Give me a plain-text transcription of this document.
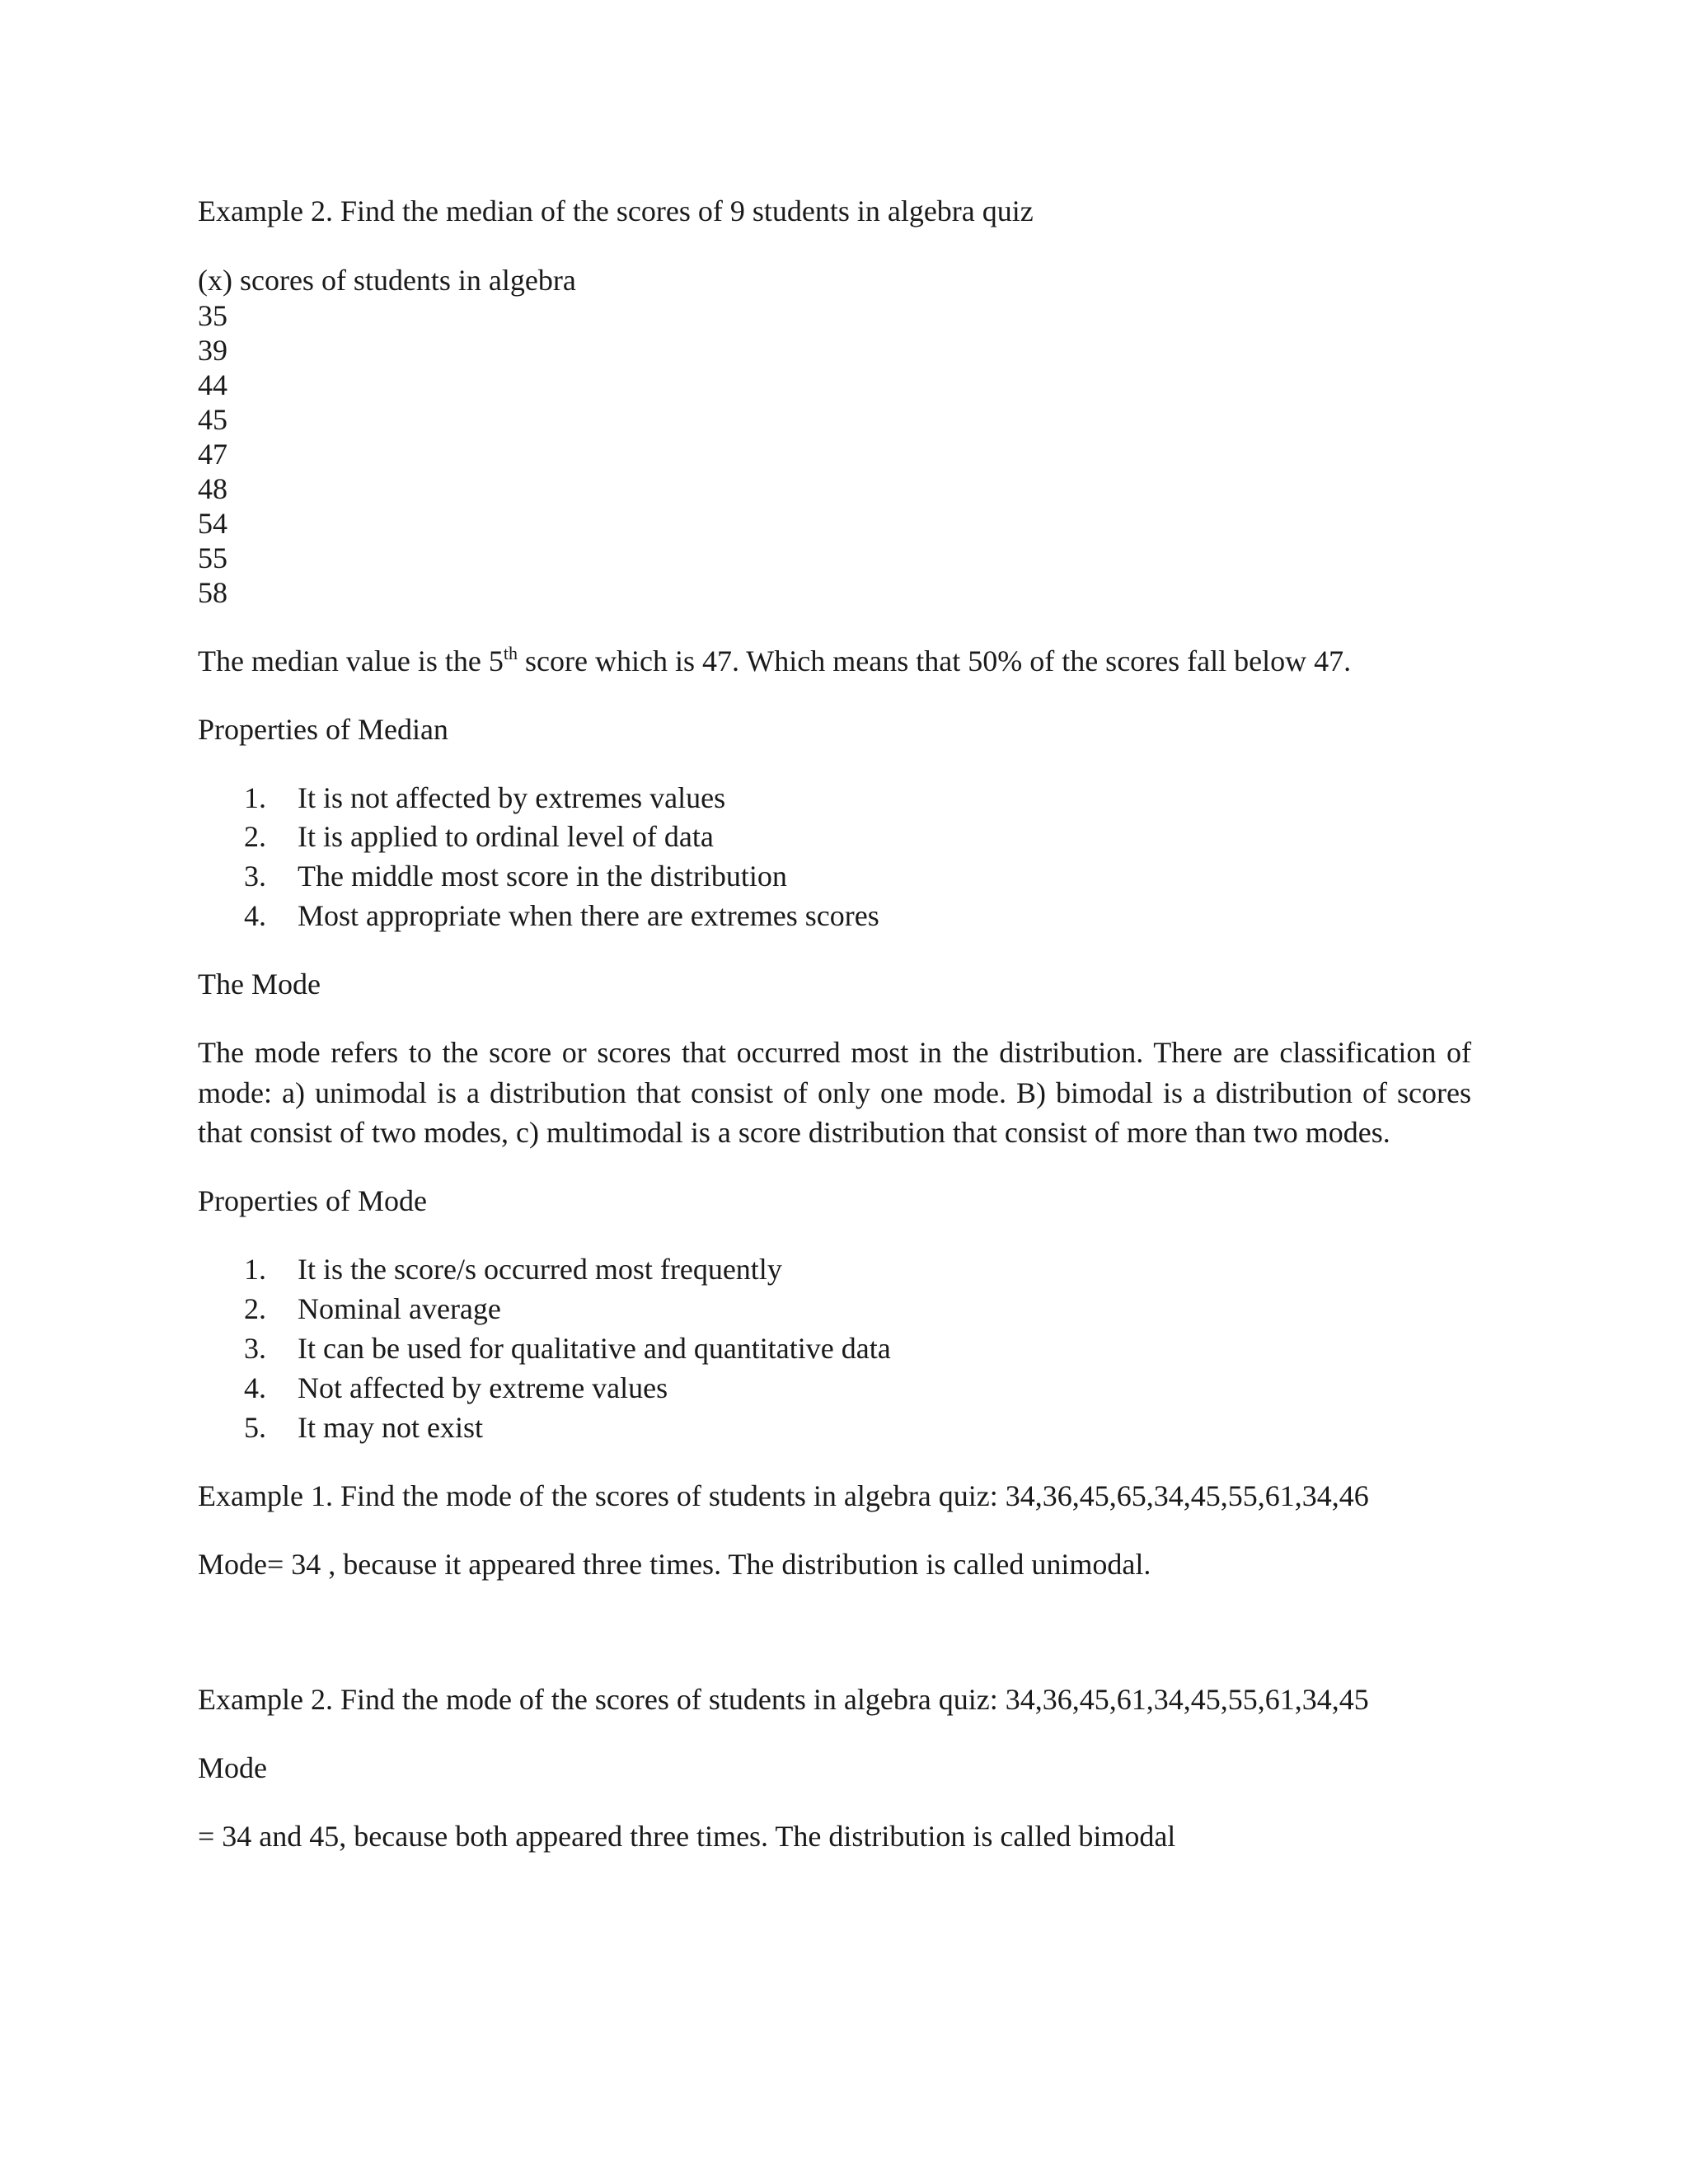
Example 2. Find the median of the scores of 9 students in algebra quiz

(x) scores of students in algebra

35

39

44

45

47

48

54

55

58

The median value is the 5th score which is 47. Which means that 50% of the scores fall below 47.

Properties of Median

1. It is not affected by extremes values
2. It is applied to ordinal level of data
3. The middle most score in the distribution
4. Most appropriate when there are extremes scores

The Mode

The mode refers to the score or scores that occurred most in the distribution. There are classification of
mode: a) unimodal is a distribution that consist of only one mode. B) bimodal is a distribution of scores
that consist of two modes, c) multimodal is a score distribution that consist of more than two modes.

Properties of Mode

1. It is the score/s occurred most frequently
2. Nominal average
3. It can be used for qualitative and quantitative data
4. Not affected by extreme values
5. It may not exist

Example 1. Find the mode of the scores of students in algebra quiz: 34,36,45,65,34,45,55,61,34,46

Mode= 34 , because it appeared three times. The distribution is called unimodal.

Example 2. Find the mode of the scores of students in algebra quiz: 34,36,45,61,34,45,55,61,34,45

Mode

= 34 and 45, because both appeared three times. The distribution is called bimodal
